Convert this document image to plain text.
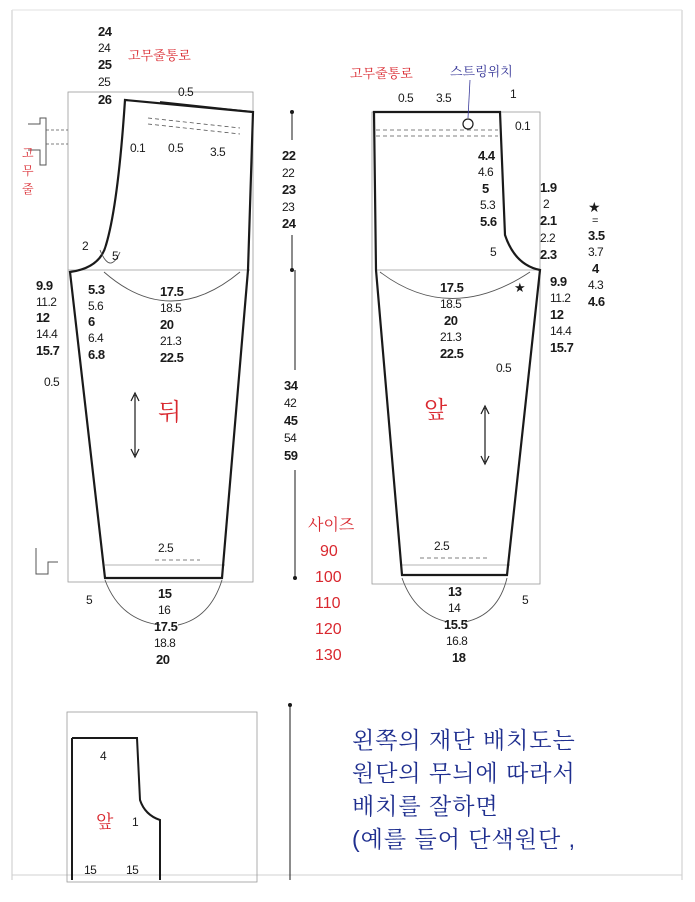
24
24
25
25
26
고무줄통로
0.5
0.1 0.5 3.5
고 무 줄
2
5
9.9
11.2
12
14.4
15.7
5.3
5.6
6
6.4
6.8
17.5
18.5
20
21.3
22.5
0.5
뒤
2.5
5	15
16
17.5
18.8
20
22
22
23
23
24
34
42
45
54
59
사이즈
90
100
110
120
130
고무줄통로	스트링위치
0.5 3.5	1
0.1
4.4
4.6
5
5.3
5.6
5
1.9
2
2.1
2.2
2.3
★
=
3.5
3.7
4
4.3
4.6
★ 9.9
11.2
12
14.4
15.7
17.5
18.5
20
21.3
22.5
0.5
앞
2.5
5
13
14
15.5
16.8
18
4
1
앞
15 15
왼쪽의 재단 배치도는
원단의 무늬에 따라서
배치를 잘하면
(예를 들어 단색원단 ,
